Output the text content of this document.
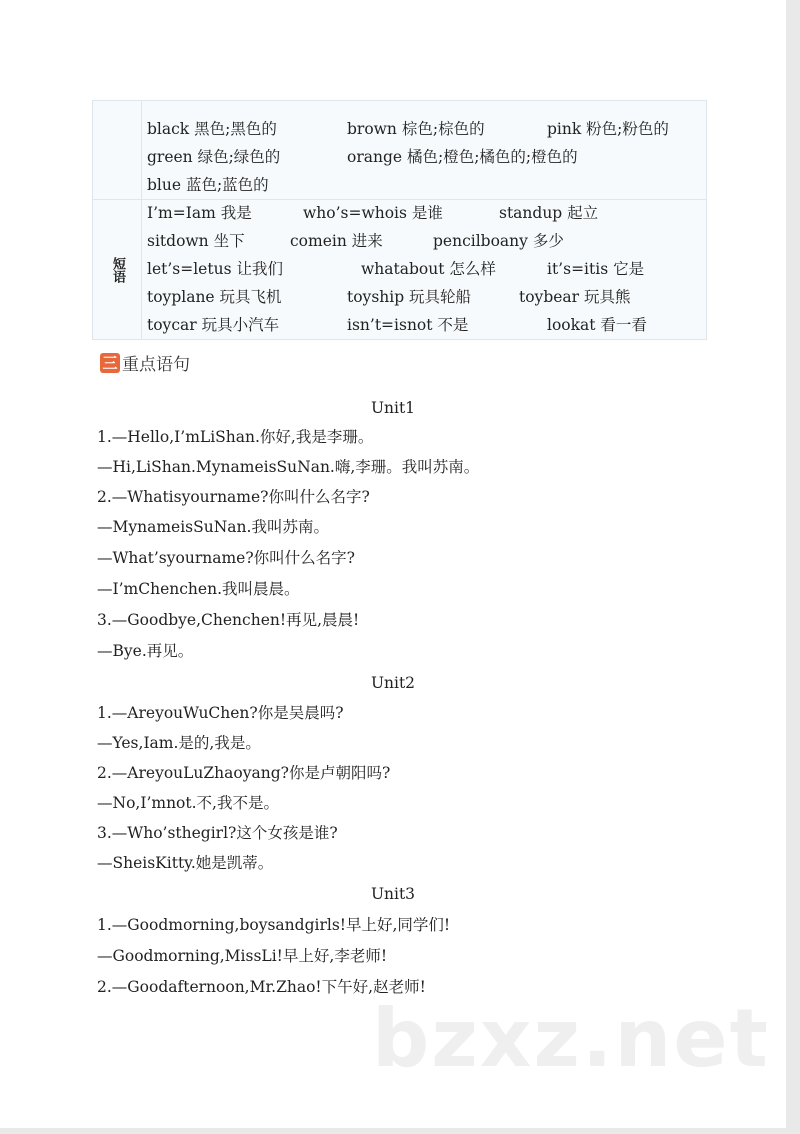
短语
black 黑色;黑色的	brown 棕色;棕色的	pink 粉色;粉色的
green 绿色;绿色的	orange 橘色;橙色;橘色的;橙色的
blue 蓝色;蓝色的
I’m=Iam 我是	who’s=whois 是谁	standup 起立
sitdown 坐下	comein 进来	pencilboany 多少
let’s=letus 让我们	whatabout 怎么样	it’s=itis 它是
toyplane 玩具飞机	toyship 玩具轮船	toybear 玩具熊
toycar 玩具小汽车	isn’t=isnot 不是	lookat 看一看
三 重点语句
Unit1
1.—Hello,I’mLiShan.你好,我是李珊。
—Hi,LiShan.MynameisSuNan.嗨,李珊。我叫苏南。
2.—Whatisyourname?你叫什么名字?
—MynameisSuNan.我叫苏南。
—What’syourname?你叫什么名字?
—I’mChenchen.我叫晨晨。
3.—Goodbye,Chenchen!再见,晨晨!
—Bye.再见。
Unit2
1.—AreyouWuChen?你是吴晨吗?
—Yes,Iam.是的,我是。
2.—AreyouLuZhaoyang?你是卢朝阳吗?
—No,I’mnot.不,我不是。
3.—Who’sthegirl?这个女孩是谁?
—SheisKitty.她是凯蒂。
Unit3
1.—Goodmorning,boysandgirls!早上好,同学们!
—Goodmorning,MissLi!早上好,李老师!
2.—Goodafternoon,Mr.Zhao!下午好,赵老师!
bzxz.net
